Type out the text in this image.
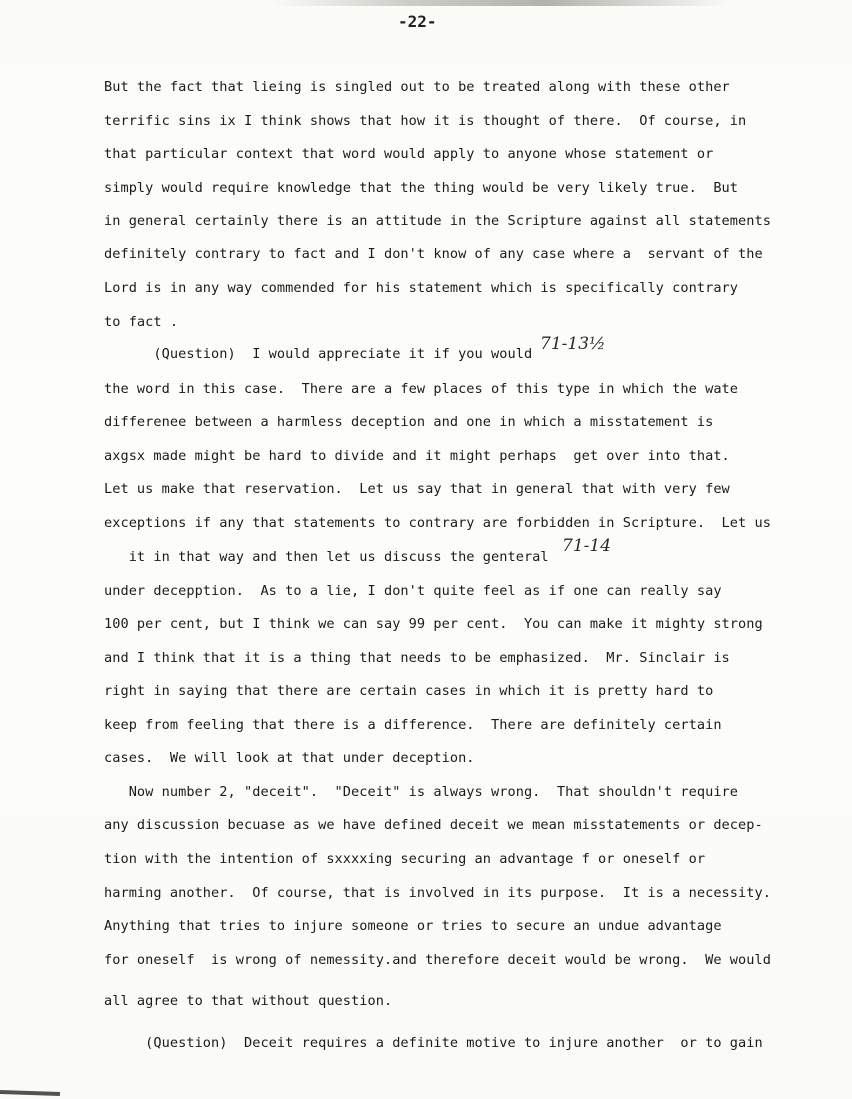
-22-
But the fact that lieing is singled out to be treated along with these other
terrific sins ix I think shows that how it is thought of there.  Of course, in
that particular context that word would apply to anyone whose statement or
simply would require knowledge that the thing would be very likely true.  But
in general certainly there is an attitude in the Scripture against all statements
definitely contrary to fact and I don't know of any case where a  servant of the
Lord is in any way commended for his statement which is specifically contrary
to fact .
(Question)  I would appreciate it if you would 71-13½
the word in this case.  There are a few places of this type in which the wate
differenee between a harmless deception and one in which a misstatement is
axgsx made might be hard to divide and it might perhaps  get over into that.
Let us make that reservation.  Let us say that in general that with very few
exceptions if any that statements to contrary are forbidden in Scripture.  Let us
it in that way and then let us discuss the genteral
71-14
under decepption.  As to a lie, I don't quite feel as if one can really say
100 per cent, but I think we can say 99 per cent.  You can make it mighty strong
and I think that it is a thing that needs to be emphasized.  Mr. Sinclair is
right in saying that there are certain cases in which it is pretty hard to
keep from feeling that there is a difference.  There are definitely certain
cases.  We will look at that under deception.
Now number 2, "deceit".  "Deceit" is always wrong.  That shouldn't require
any discussion becuase as we have defined deceit we mean misstatements or decep-
tion with the intention of sxxxxing securing an advantage f or oneself or
harming another.  Of course, that is involved in its purpose.  It is a necessity.
Anything that tries to injure someone or tries to secure an undue advantage
for oneself  is wrong of nemessity.and therefore deceit would be wrong.  We would
all agree to that without question.
(Question)  Deceit requires a definite motive to injure another  or to gain
